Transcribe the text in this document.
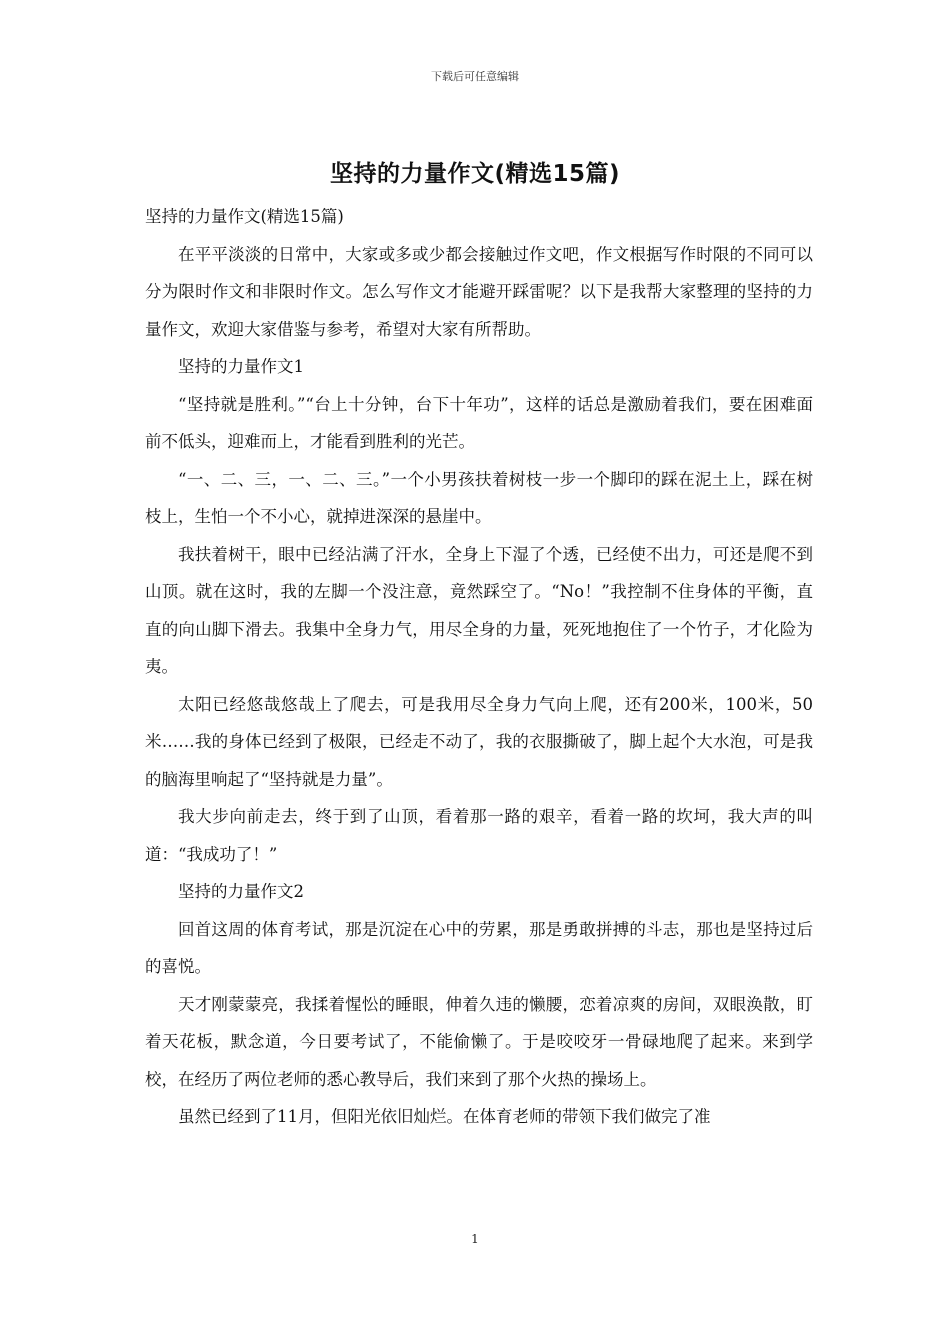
下载后可任意编辑
坚持的力量作文(精选15篇)

坚持的力量作文(精选15篇)

在平平淡淡的日常中，大家或多或少都会接触过作文吧，作文根据写作时限的不同可以分为限时作文和非限时作文。怎么写作文才能避开踩雷呢？以下是我帮大家整理的坚持的力量作文，欢迎大家借鉴与参考，希望对大家有所帮助。

坚持的力量作文1

“坚持就是胜利。”“台上十分钟，台下十年功”，这样的话总是激励着我们，要在困难面前不低头，迎难而上，才能看到胜利的光芒。

“一、二、三，一、二、三。”一个小男孩扶着树枝一步一个脚印的踩在泥土上，踩在树枝上，生怕一个不小心，就掉进深深的悬崖中。

我扶着树干，眼中已经沾满了汗水，全身上下湿了个透，已经使不出力，可还是爬不到山顶。就在这时，我的左脚一个没注意，竟然踩空了。“No！”我控制不住身体的平衡，直直的向山脚下滑去。我集中全身力气，用尽全身的力量，死死地抱住了一个竹子，才化险为夷。

太阳已经悠哉悠哉上了爬去，可是我用尽全身力气向上爬，还有200米，100米，50米……我的身体已经到了极限，已经走不动了，我的衣服撕破了，脚上起个大水泡，可是我的脑海里响起了“坚持就是力量”。

我大步向前走去，终于到了山顶，看着那一路的艰辛，看着一路的坎坷，我大声的叫道：“我成功了！”

坚持的力量作文2

回首这周的体育考试，那是沉淀在心中的劳累，那是勇敢拼搏的斗志，那也是坚持过后的喜悦。

天才刚蒙蒙亮，我揉着惺忪的睡眼，伸着久违的懒腰，恋着凉爽的房间，双眼涣散，盯着天花板，默念道，今日要考试了，不能偷懒了。于是咬咬牙一骨碌地爬了起来。来到学校，在经历了两位老师的悉心教导后，我们来到了那个火热的操场上。

虽然已经到了11月，但阳光依旧灿烂。在体育老师的带领下我们做完了准

1
